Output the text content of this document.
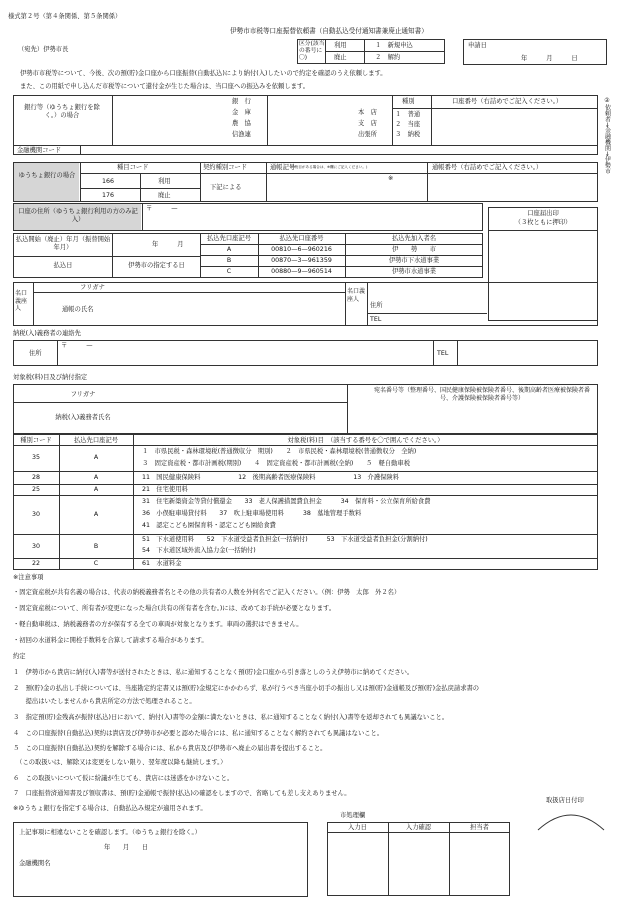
様式第２号（第４条関係、第５条関係）
伊勢市市税等口座振替依頼書（自動払込受付通知書兼廃止通知書）
（宛先）伊勢市長
区分(該当の番号に〇)
利用	１　新規申込
廃止	２　解約
申請日
年　　　月　　　日
伊勢市市税等について、今後、次の預(貯)金口座から口座振替(自動払込)により納付(入)したいので約定を確認のうえ依頼します。
また、この用紙で申し込んだ市税等について還付金が生じた場合は、当口座への振込みを依頼します。
銀行等（ゆうちょ銀行を除く。）の場合
銀　行
金　庫
農　協
信漁連
本　店
支　店
出張所
種別
１　普通
２　当座
３　納税
口座番号（右詰めでご記入ください。）
金融機関コード	②依頼者→金融機関→伊勢市
ゆうちょ銀行の場合
種目コード
166	利用
176	廃止
契約種別コード
下記による
通帳記号
(6桁目がある場合は、※欄にご記入ください。)
※
通帳番号（右詰めでご記入ください。）
口座の住所（ゆうちょ銀行利用の方のみ記入）
〒　　　—
口座届出印
（３枚ともに押印）
払込開始（廃止）年月（振替開始年月）	年　　　月
払込日	伊勢市の指定する日
払込先口座記号	払込先口座番号	払込先加入者名
A	00810—6—960216	伊　　勢　　市
B	00870—3—961359	伊勢市下水道事業
C	00880—9—960514	伊勢市水道事業
名口義座人
フリガナ
通帳の氏名
名口義座人
住所
TEL
納税(入)義務者の連絡先
住所
〒　　　—
TEL
対象税(料)目及び納付指定
フリガナ
納税(入)義務者氏名
宛名番号等（整理番号、国民健康保険被保険者番号、後期高齢者医療被保険者番号、介護保険被保険者番号等）
種別コード	払込先口座記号	対象税(料)目　（該当する番号を〇で囲んでください。）
35	A
１　市県民税・森林環境税(普通徴収分　期別)　　２　市県民税・森林環境税(普通徴収分　全納)
３　固定資産税・都市計画税(期別)　　４　固定資産税・都市計画税(全納)　　５　軽自動車税
28	A	11　国民健康保険料　　　　　　12　後期高齢者医療保険料　　　　　　13　介護保険料
25	A	21　住宅使用料
30	A
31　住宅新築資金等貸付償還金　　33　老人保護措置費負担金　　　34　保育料・公立保育所給食費
36　小俣駐車場貸付料　　37　吹上駐車場使用料　　　38　墓地管理手数料
41　認定こども園保育料・認定こども園給食費
30	B
51　下水道使用料　　52　下水道受益者負担金(一括納付)　　　53　下水道受益者負担金(分割納付)
54　下水道区域外流入協力金(一括納付)
22	C	61　水道料金
※注意事項
・固定資産税が共有名義の場合は、代表の納税義務者名とその他の共有者の人数を外何名でご記入ください。（例：伊勢　太郎　外２名）
・固定資産税について、所有者が変更になった場合(共有の所有者を含む。)には、改めてお手続が必要となります。
・軽自動車税は、納税義務者の方が保有する全ての車両が対象となります。車両の選択はできません。
・初回の水道料金に開栓手数料を合算して請求する場合があります。
約定
１　伊勢市から貴店に納付(入)書等が送付されたときは、私に通知することなく預(貯)金口座から引き落としのうえ伊勢市に納めてください。
２　預(貯)金の払出し手続については、当座勘定約定書又は預(貯)金規定にかかわらず、私が行うべき当座小切手の振出し又は預(貯)金通帳及び預(貯)金払戻請求書の
　　提出はいたしませんから貴店所定の方法で処理されること。
３　指定預(貯)金残高が振替(払込)日において、納付(入)書等の金額に満たないときは、私に通知することなく納付(入)書等を返却されても異議ないこと。
４　この口座振替(自動払込)契約は貴店及び伊勢市が必要と認めた場合には、私に通知することなく解約されても異議はないこと。
５　この口座振替(自動払込)契約を解除する場合には、私から貴店及び伊勢市へ廃止の届出書を提出すること。
　（この取扱いは、解除又は変更をしない限り、翌年度以降も継続します。）
６　この取扱いについて仮に紛議が生じても、貴店には迷惑をかけないこと。
７　口座振替済通知書及び領収書は、預(貯)金通帳で振替(払込)の確認をしますので、省略しても差し支えありません。
※ゆうちょ銀行を指定する場合は、自動払込み規定が適用されます。
上記事項に相違ないことを確認します。（ゆうちょ銀行を除く。）
年　　月　　日
金融機関名
市処理欄
入力日	入力確認	担当者
取扱店日付印
